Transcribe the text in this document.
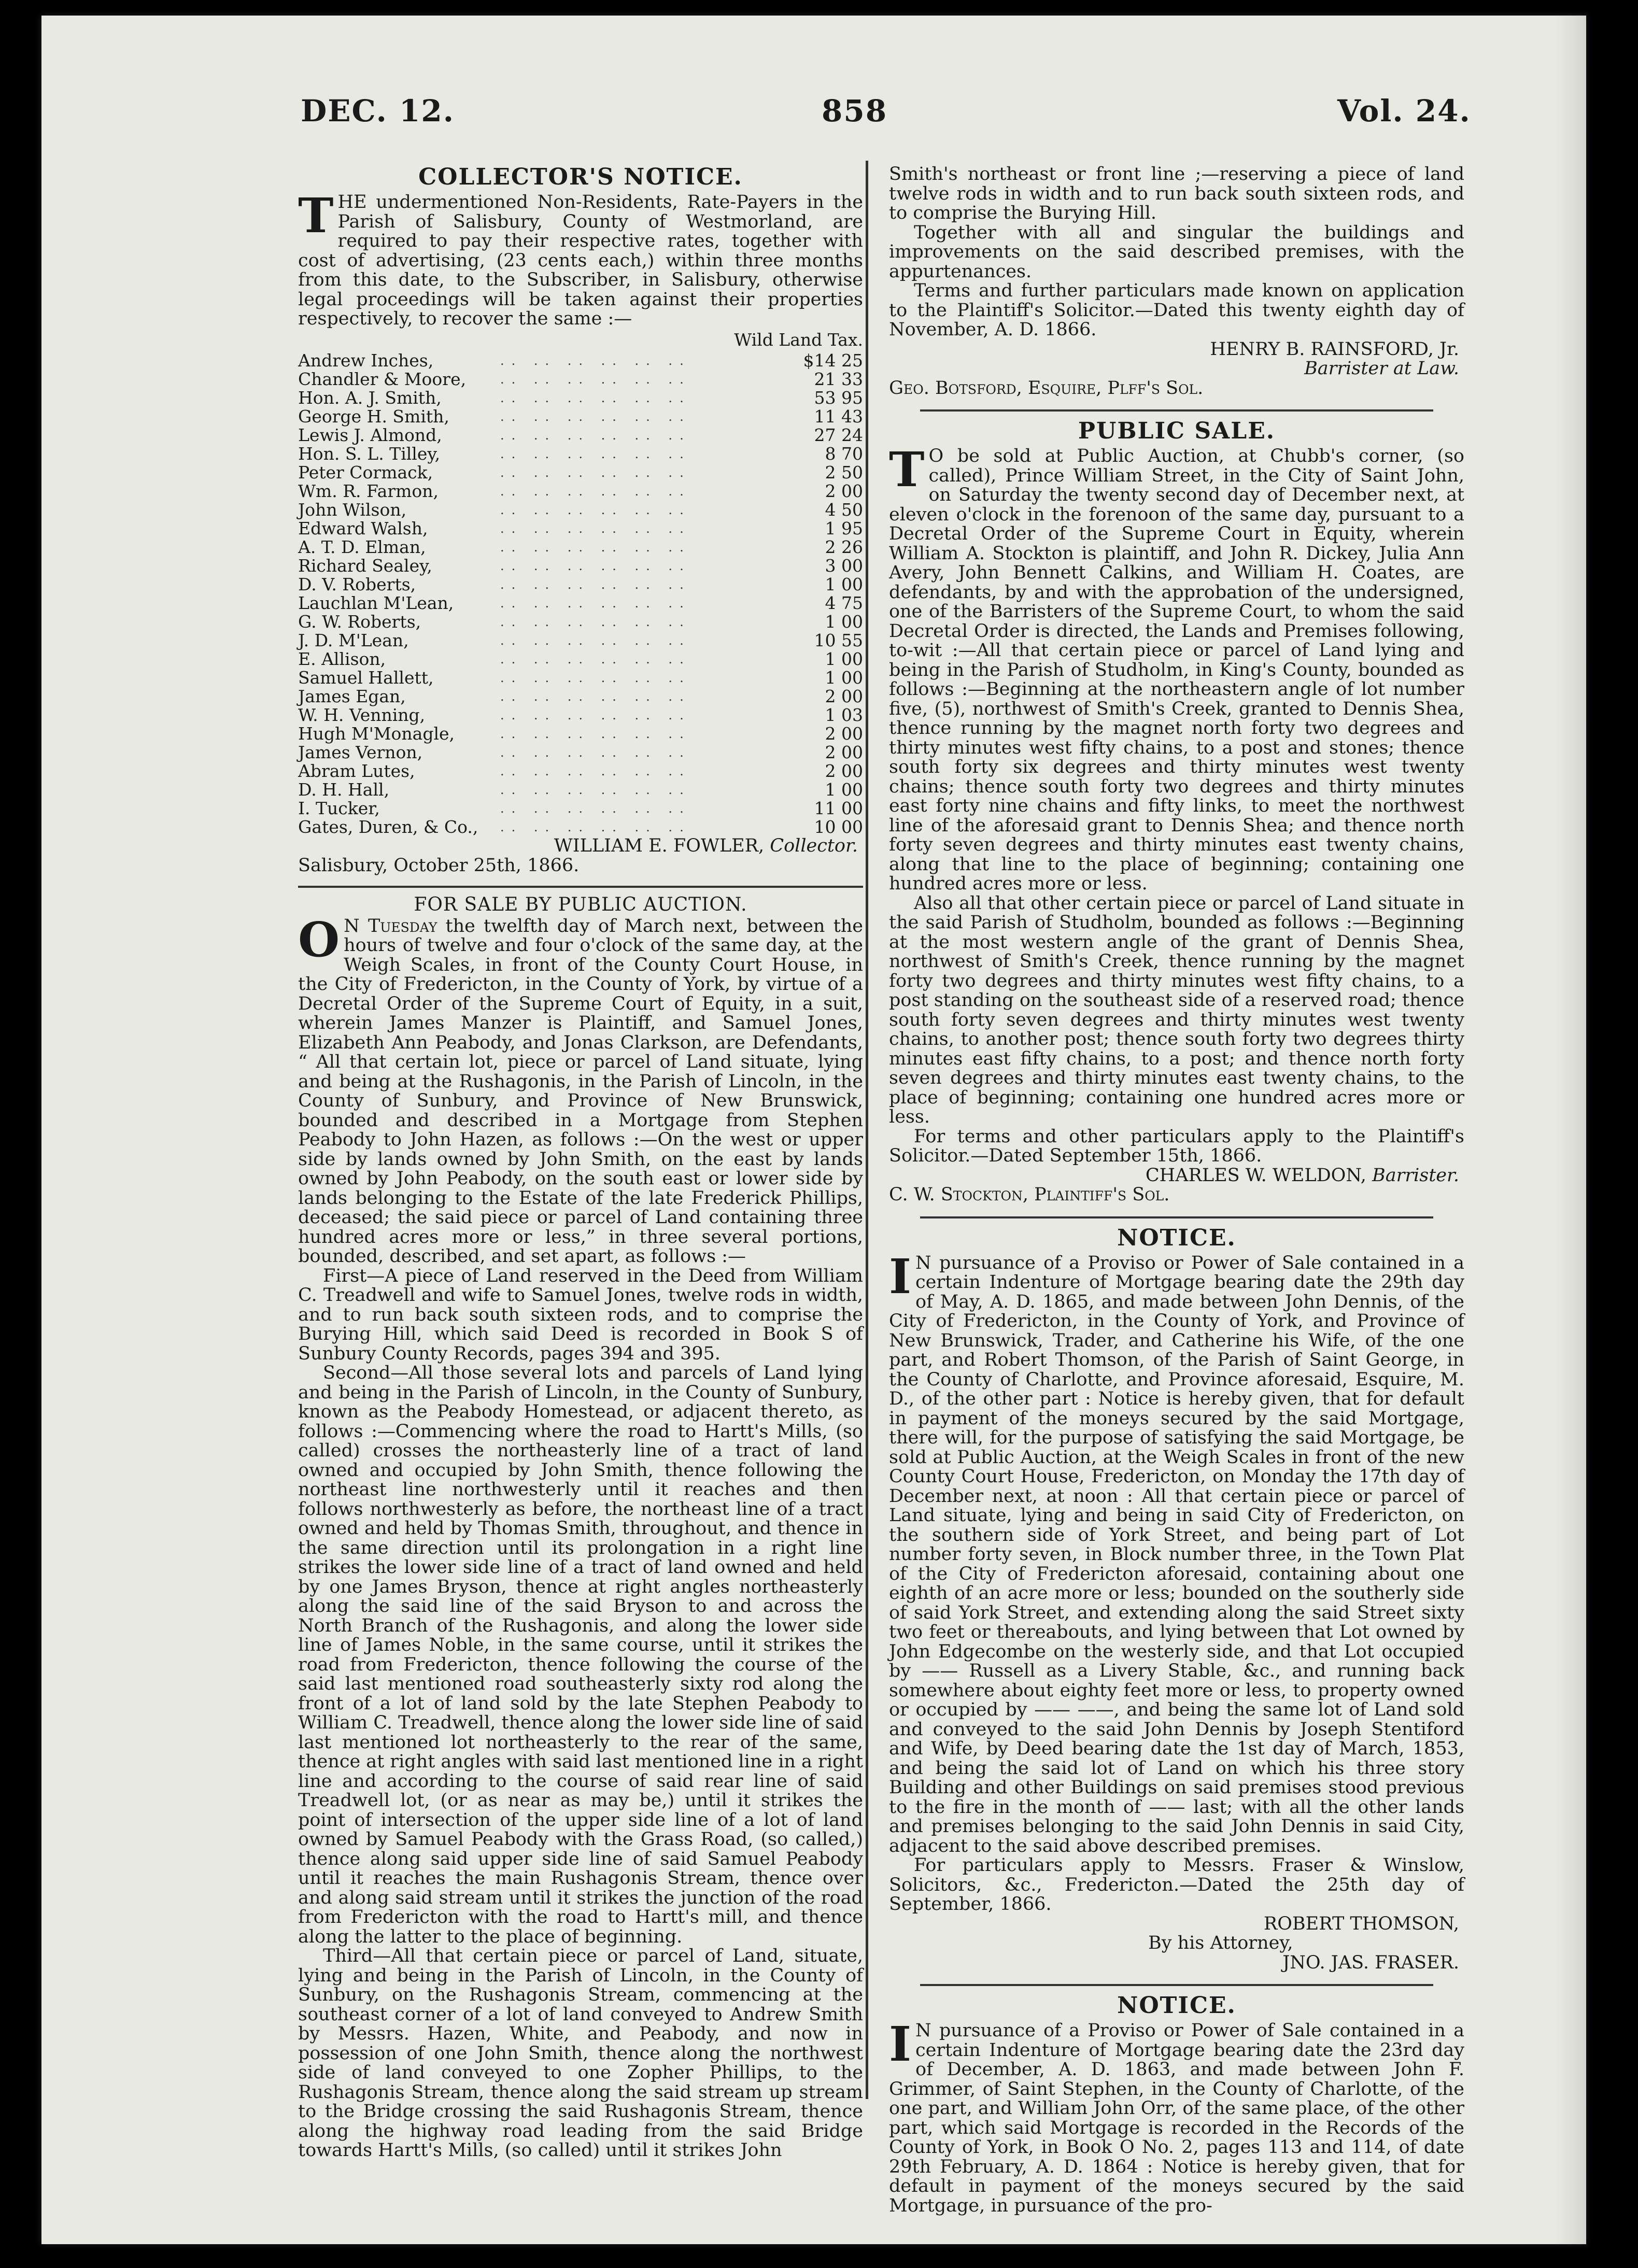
DEC. 12.	858	Vol. 24.
COLLECTOR'S NOTICE.

THE undermentioned Non-Residents, Rate-Payers in the Parish of Salisbury, County of Westmorland, are required to pay their respective rates, together with cost of advertising, (23 cents each,) within three months from this date, to the Subscriber, in Salisbury, otherwise legal proceedings will be taken against their properties respectively, to recover the same :—

Wild Land Tax.
Andrew Inches,	.. .. .. .. .. ..	$14 25
Chandler & Moore,	.. .. .. .. .. ..	21 33
Hon. A. J. Smith,	.. .. .. .. .. ..	53 95
George H. Smith,	.. .. .. .. .. ..	11 43
Lewis J. Almond,	.. .. .. .. .. ..	27 24
Hon. S. L. Tilley,	.. .. .. .. .. ..	8 70
Peter Cormack,	.. .. .. .. .. ..	2 50
Wm. R. Farmon,	.. .. .. .. .. ..	2 00
John Wilson,	.. .. .. .. .. ..	4 50
Edward Walsh,	.. .. .. .. .. ..	1 95
A. T. D. Elman,	.. .. .. .. .. ..	2 26
Richard Sealey,	.. .. .. .. .. ..	3 00
D. V. Roberts,	.. .. .. .. .. ..	1 00
Lauchlan M'Lean,	.. .. .. .. .. ..	4 75
G. W. Roberts,	.. .. .. .. .. ..	1 00
J. D. M'Lean,	.. .. .. .. .. ..	10 55
E. Allison,	.. .. .. .. .. ..	1 00
Samuel Hallett,	.. .. .. .. .. ..	1 00
James Egan,	.. .. .. .. .. ..	2 00
W. H. Venning,	.. .. .. .. .. ..	1 03
Hugh M'Monagle,	.. .. .. .. .. ..	2 00
James Vernon,	.. .. .. .. .. ..	2 00
Abram Lutes,	.. .. .. .. .. ..	2 00
D. H. Hall,	.. .. .. .. .. ..	1 00
I. Tucker,	.. .. .. .. .. ..	11 00
Gates, Duren, & Co.,	.. .. .. .. .. ..	10 00
WILLIAM E. FOWLER, Collector.

Salisbury, October 25th, 1866.

FOR SALE BY PUBLIC AUCTION.

O N Tuesday the twelfth day of March next, between the hours of twelve and four o'clock of the same day, at the Weigh Scales, in front of the County Court House, in the City of Fredericton, in the County of York, by virtue of a Decretal Order of the Supreme Court of Equity, in a suit, wherein James Manzer is Plaintiff, and Samuel Jones, Elizabeth Ann Peabody, and Jonas Clarkson, are Defendants, “ All that certain lot, piece or parcel of Land situate, lying and being at the Rushagonis, in the Parish of Lincoln, in the County of Sunbury, and Province of New Brunswick, bounded and described in a Mortgage from Stephen Peabody to John Hazen, as follows :—On the west or upper side by lands owned by John Smith, on the east by lands owned by John Peabody, on the south east or lower side by lands belonging to the Estate of the late Frederick Phillips, deceased; the said piece or parcel of Land containing three hundred acres more or less,” in three several portions, bounded, described, and set apart, as follows :—

First—A piece of Land reserved in the Deed from William C. Treadwell and wife to Samuel Jones, twelve rods in width, and to run back south sixteen rods, and to comprise the Burying Hill, which said Deed is recorded in Book S of Sunbury County Records, pages 394 and 395.

Second—All those several lots and parcels of Land lying and being in the Parish of Lincoln, in the County of Sunbury, known as the Peabody Homestead, or adjacent thereto, as follows :—Commencing where the road to Hartt's Mills, (so called) crosses the northeasterly line of a tract of land owned and occupied by John Smith, thence following the northeast line northwesterly until it reaches and then follows northwesterly as before, the northeast line of a tract owned and held by Thomas Smith, throughout, and thence in the same direction until its prolongation in a right line strikes the lower side line of a tract of land owned and held by one James Bryson, thence at right angles northeasterly along the said line of the said Bryson to and across the North Branch of the Rushagonis, and along the lower side line of James Noble, in the same course, until it strikes the road from Fredericton, thence following the course of the said last mentioned road southeasterly sixty rod along the front of a lot of land sold by the late Stephen Peabody to William C. Treadwell, thence along the lower side line of said last mentioned lot northeasterly to the rear of the same, thence at right angles with said last mentioned line in a right line and according to the course of said rear line of said Treadwell lot, (or as near as may be,) until it strikes the point of intersection of the upper side line of a lot of land owned by Samuel Peabody with the Grass Road, (so called,) thence along said upper side line of said Samuel Peabody until it reaches the main Rushagonis Stream, thence over and along said stream until it strikes the junction of the road from Fredericton with the road to Hartt's mill, and thence along the latter to the place of beginning.

Third—All that certain piece or parcel of Land, situate, lying and being in the Parish of Lincoln, in the County of Sunbury, on the Rushagonis Stream, commencing at the southeast corner of a lot of land conveyed to Andrew Smith by Messrs. Hazen, White, and Peabody, and now in possession of one John Smith, thence along the northwest side of land conveyed to one Zopher Phillips, to the Rushagonis Stream, thence along the said stream up stream to the Bridge crossing the said Rushagonis Stream, thence along the highway road leading from the said Bridge towards Hartt's Mills, (so called) until it strikes John

Smith's northeast or front line ;—reserving a piece of land twelve rods in width and to run back south sixteen rods, and to comprise the Burying Hill.

Together with all and singular the buildings and improvements on the said described premises, with the appurtenances.

Terms and further particulars made known on application to the Plaintiff's Solicitor.—Dated this twenty eighth day of November, A. D. 1866.

HENRY B. RAINSFORD, Jr.
Barrister at Law.

Geo. Botsford, Esquire, Plff's Sol.

PUBLIC SALE.

T O be sold at Public Auction, at Chubb's corner, (so called), Prince William Street, in the City of Saint John, on Saturday the twenty second day of December next, at eleven o'clock in the forenoon of the same day, pursuant to a Decretal Order of the Supreme Court in Equity, wherein William A. Stockton is plaintiff, and John R. Dickey, Julia Ann Avery, John Bennett Calkins, and William H. Coates, are defendants, by and with the approbation of the undersigned, one of the Barristers of the Supreme Court, to whom the said Decretal Order is directed, the Lands and Premises following, to-wit :—All that certain piece or parcel of Land lying and being in the Parish of Studholm, in King's County, bounded as follows :—Beginning at the northeastern angle of lot number five, (5), northwest of Smith's Creek, granted to Dennis Shea, thence running by the magnet north forty two degrees and thirty minutes west fifty chains, to a post and stones; thence south forty six degrees and thirty minutes west twenty chains; thence south forty two degrees and thirty minutes east forty nine chains and fifty links, to meet the northwest line of the aforesaid grant to Dennis Shea; and thence north forty seven degrees and thirty minutes east twenty chains, along that line to the place of beginning; containing one hundred acres more or less.

Also all that other certain piece or parcel of Land situate in the said Parish of Studholm, bounded as follows :—Beginning at the most western angle of the grant of Dennis Shea, northwest of Smith's Creek, thence running by the magnet forty two degrees and thirty minutes west fifty chains, to a post standing on the southeast side of a reserved road; thence south forty seven degrees and thirty minutes west twenty chains, to another post; thence south forty two degrees thirty minutes east fifty chains, to a post; and thence north forty seven degrees and thirty minutes east twenty chains, to the place of beginning; containing one hundred acres more or less.

For terms and other particulars apply to the Plaintiff's Solicitor.—Dated September 15th, 1866.

CHARLES W. WELDON, Barrister.

C. W. Stockton, Plaintiff's Sol.

NOTICE.

I N pursuance of a Proviso or Power of Sale contained in a certain Indenture of Mortgage bearing date the 29th day of May, A. D. 1865, and made between John Dennis, of the City of Fredericton, in the County of York, and Province of New Brunswick, Trader, and Catherine his Wife, of the one part, and Robert Thomson, of the Parish of Saint George, in the County of Charlotte, and Province aforesaid, Esquire, M. D., of the other part : Notice is hereby given, that for default in payment of the moneys secured by the said Mortgage, there will, for the purpose of satisfying the said Mortgage, be sold at Public Auction, at the Weigh Scales in front of the new County Court House, Fredericton, on Monday the 17th day of December next, at noon : All that certain piece or parcel of Land situate, lying and being in said City of Fredericton, on the southern side of York Street, and being part of Lot number forty seven, in Block number three, in the Town Plat of the City of Fredericton aforesaid, containing about one eighth of an acre more or less; bounded on the southerly side of said York Street, and extending along the said Street sixty two feet or thereabouts, and lying between that Lot owned by John Edgecombe on the westerly side, and that Lot occupied by —— Russell as a Livery Stable, &c., and running back somewhere about eighty feet more or less, to property owned or occupied by —— ——, and being the same lot of Land sold and conveyed to the said John Dennis by Joseph Stentiford and Wife, by Deed bearing date the 1st day of March, 1853, and being the said lot of Land on which his three story Building and other Buildings on said premises stood previous to the fire in the month of —— last; with all the other lands and premises belonging to the said John Dennis in said City, adjacent to the said above described premises.

For particulars apply to Messrs. Fraser & Winslow, Solicitors, &c., Fredericton.—Dated the 25th day of September, 1866.

ROBERT THOMSON,
By his Attorney,
JNO. JAS. FRASER.
NOTICE.

I N pursuance of a Proviso or Power of Sale contained in a certain Indenture of Mortgage bearing date the 23rd day of December, A. D. 1863, and made between John F. Grimmer, of Saint Stephen, in the County of Charlotte, of the one part, and William John Orr, of the same place, of the other part, which said Mortgage is recorded in the Records of the County of York, in Book O No. 2, pages 113 and 114, of date 29th February, A. D. 1864 : Notice is hereby given, that for default in payment of the moneys secured by the said Mortgage, in pursuance of the pro-
